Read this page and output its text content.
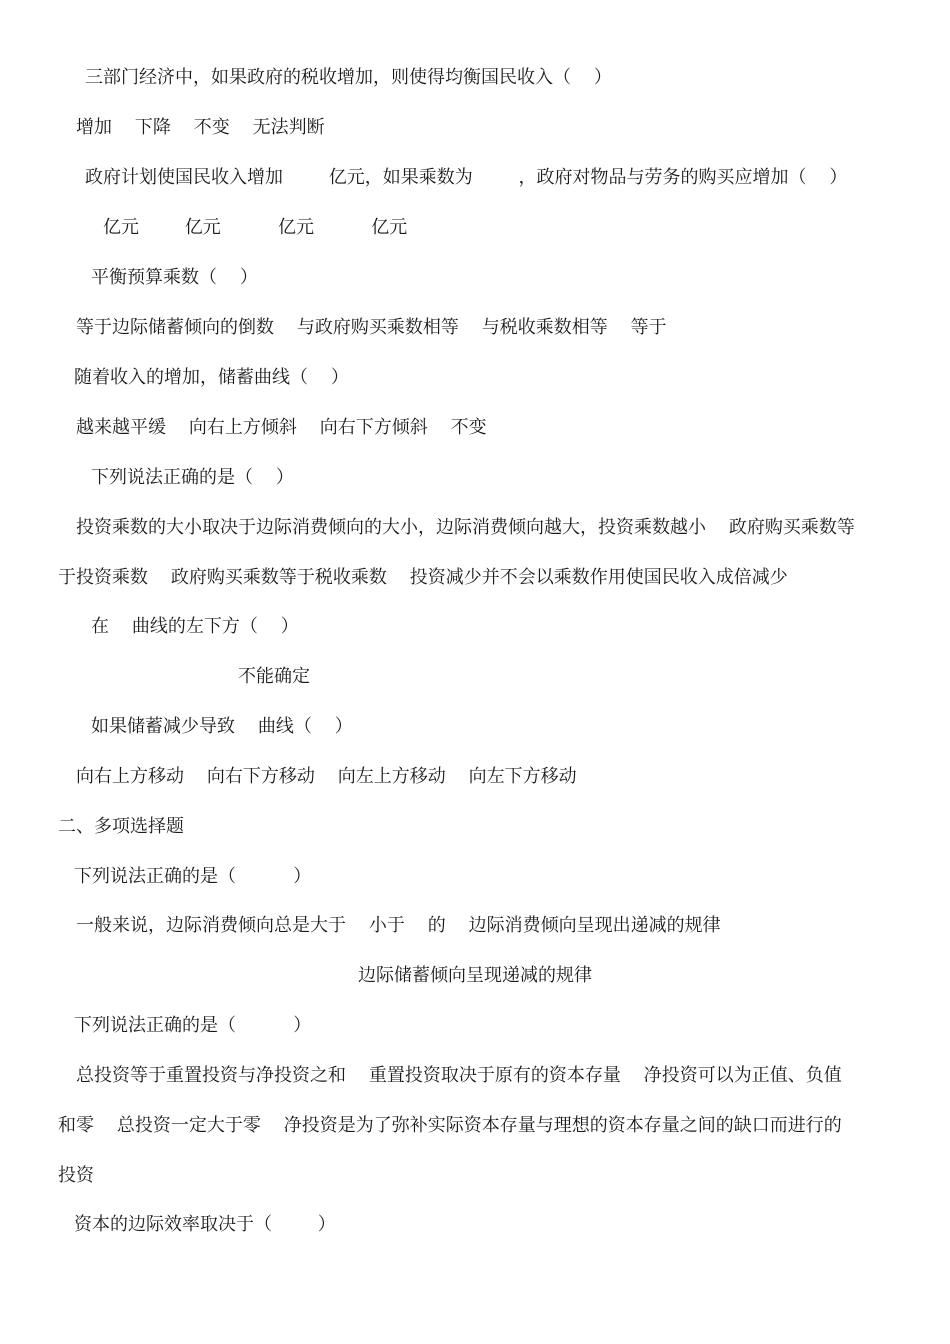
三部门经济中，如果政府的税收增加，则使得均衡国民收入（    ）
增加    下降    不变    无法判断
政府计划使国民收入增加        亿元，如果乘数为        ，政府对物品与劳务的购买应增加（    ）
亿元        亿元          亿元          亿元
平衡预算乘数（    ）
等于边际储蓄倾向的倒数    与政府购买乘数相等    与税收乘数相等    等于
随着收入的增加，储蓄曲线（    ）
越来越平缓    向右上方倾斜    向右下方倾斜    不变
下列说法正确的是（    ）
投资乘数的大小取决于边际消费倾向的大小，边际消费倾向越大，投资乘数越小    政府购买乘数等
于投资乘数    政府购买乘数等于税收乘数    投资减少并不会以乘数作用使国民收入成倍减少
在    曲线的左下方（    ）
不能确定
如果储蓄减少导致    曲线（    ）
向右上方移动    向右下方移动    向左上方移动    向左下方移动
二、多项选择题
下列说法正确的是（          ）
一般来说，边际消费倾向总是大于    小于    的    边际消费倾向呈现出递减的规律
边际储蓄倾向呈现递减的规律
下列说法正确的是（          ）
总投资等于重置投资与净投资之和    重置投资取决于原有的资本存量    净投资可以为正值、负值
和零    总投资一定大于零    净投资是为了弥补实际资本存量与理想的资本存量之间的缺口而进行的
投资
资本的边际效率取决于（        ）
